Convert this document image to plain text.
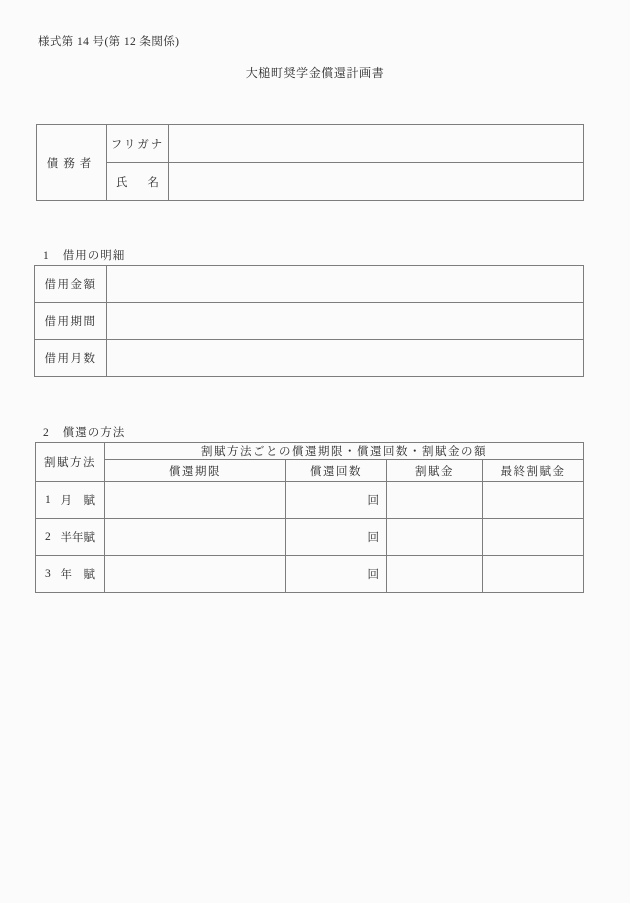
様式第 14 号(第 12 条関係)
大槌町奨学金償還計画書
債務者	フリガナ	

	氏 名	

1 借用の明細
借用金額	
借用期間	
借用月数	
2 償還の方法
割賦方法	割賦方法ごとの償還期限・償還回数・割賦金の額			
	償還期限	償還回数	割賦金	最終割賦金

1 月　賦		回		

2 半年賦		回		

3 年　賦		回		
